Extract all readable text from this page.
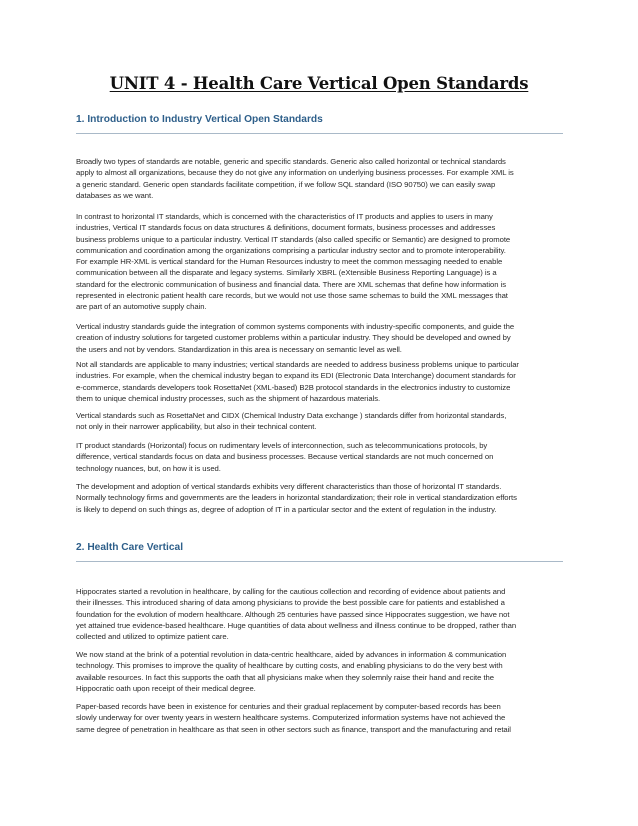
UNIT 4 - Health Care Vertical Open Standards
1. Introduction to Industry Vertical Open Standards

Broadly two types of standards are notable, generic and specific standards. Generic also called horizontal or technical standards
apply to almost all organizations, because they do not give any information on underlying business processes. For example XML is
a generic standard. Generic open standards facilitate competition, if we follow SQL standard (ISO 90750) we can easily swap
databases as we want.

In contrast to horizontal IT standards, which is concerned with the characteristics of IT products and applies to users in many
industries, Vertical IT standards focus on data structures & definitions, document formats, business processes and addresses
business problems unique to a particular industry. Vertical IT standards (also called specific or Semantic) are designed to promote
communication and coordination among the organizations comprising a particular industry sector and to promote interoperability.
For example HR-XML is vertical standard for the Human Resources industry to meet the common messaging needed to enable
communication between all the disparate and legacy systems. Similarly XBRL (eXtensible Business Reporting Language) is a
standard for the electronic communication of business and financial data. There are XML schemas that define how information is
represented in electronic patient health care records, but we would not use those same schemas to build the XML messages that
are part of an automotive supply chain.

Vertical industry standards guide the integration of common systems components with industry-specific components, and guide the
creation of industry solutions for targeted customer problems within a particular industry. They should be developed and owned by
the users and not by vendors. Standardization in this area is necessary on semantic level as well.

Not all standards are applicable to many industries; vertical standards are needed to address business problems unique to particular
industries. For example, when the chemical industry began to expand its EDI (Electronic Data Interchange) document standards for
e-commerce, standards developers took RosettaNet (XML-based) B2B protocol standards in the electronics industry to customize
them to unique chemical industry processes, such as the shipment of hazardous materials.

Vertical standards such as RosettaNet and CIDX (Chemical Industry Data exchange ) standards differ from horizontal standards,
not only in their narrower applicability, but also in their technical content.

IT product standards (Horizontal) focus on rudimentary levels of interconnection, such as telecommunications protocols, by
difference, vertical standards focus on data and business processes. Because vertical standards are not much concerned on
technology nuances, but, on how it is used.

The development and adoption of vertical standards exhibits very different characteristics than those of horizontal IT standards.
Normally technology firms and governments are the leaders in horizontal standardization; their role in vertical standardization efforts
is likely to depend on such things as, degree of adoption of IT in a particular sector and the extent of regulation in the industry.

2. Health Care Vertical

Hippocrates started a revolution in healthcare, by calling for the cautious collection and recording of evidence about patients and
their illnesses. This introduced sharing of data among physicians to provide the best possible care for patients and established a
foundation for the evolution of modern healthcare. Although 25 centuries have passed since Hippocrates suggestion, we have not
yet attained true evidence-based healthcare. Huge quantities of data about wellness and illness continue to be dropped, rather than
collected and utilized to optimize patient care.

We now stand at the brink of a potential revolution in data-centric healthcare, aided by advances in information & communication
technology. This promises to improve the quality of healthcare by cutting costs, and enabling physicians to do the very best with
available resources. In fact this supports the oath that all physicians make when they solemnly raise their hand and recite the
Hippocratic oath upon receipt of their medical degree.

Paper-based records have been in existence for centuries and their gradual replacement by computer-based records has been
slowly underway for over twenty years in western healthcare systems. Computerized information systems have not achieved the
same degree of penetration in healthcare as that seen in other sectors such as finance, transport and the manufacturing and retail
